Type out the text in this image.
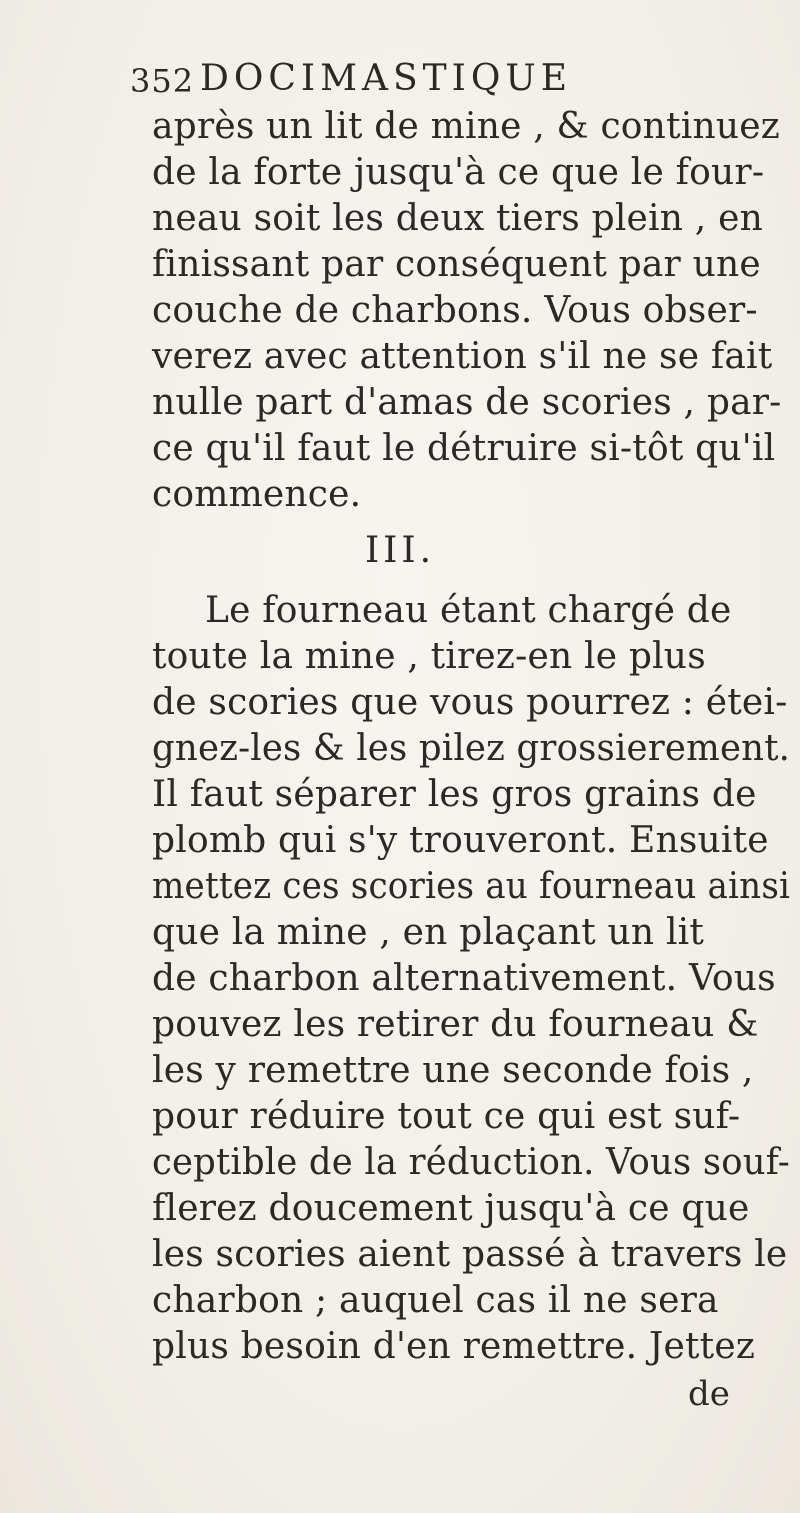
352 DOCIMASTIQUE
après un lit de mine , & continuez
de la forte jusqu'à ce que le four-
neau soit les deux tiers plein , en
finissant par conséquent par une
couche de charbons. Vous obser-
verez avec attention s'il ne se fait
nulle part d'amas de scories , par-
ce qu'il faut le détruire si-tôt qu'il
commence.
III.
Le fourneau étant chargé de
toute la mine , tirez-en le plus
de scories que vous pourrez : étei-
gnez-les & les pilez grossierement.
Il faut séparer les gros grains de
plomb qui s'y trouveront. Ensuite
mettez ces scories au fourneau ainsi
que la mine , en plaçant un lit
de charbon alternativement. Vous
pouvez les retirer du fourneau &
les y remettre une seconde fois ,
pour réduire tout ce qui est suf-
ceptible de la réduction. Vous souf-
flerez doucement jusqu'à ce que
les scories aient passé à travers le
charbon ; auquel cas il ne sera
plus besoin d'en remettre. Jettez
de
